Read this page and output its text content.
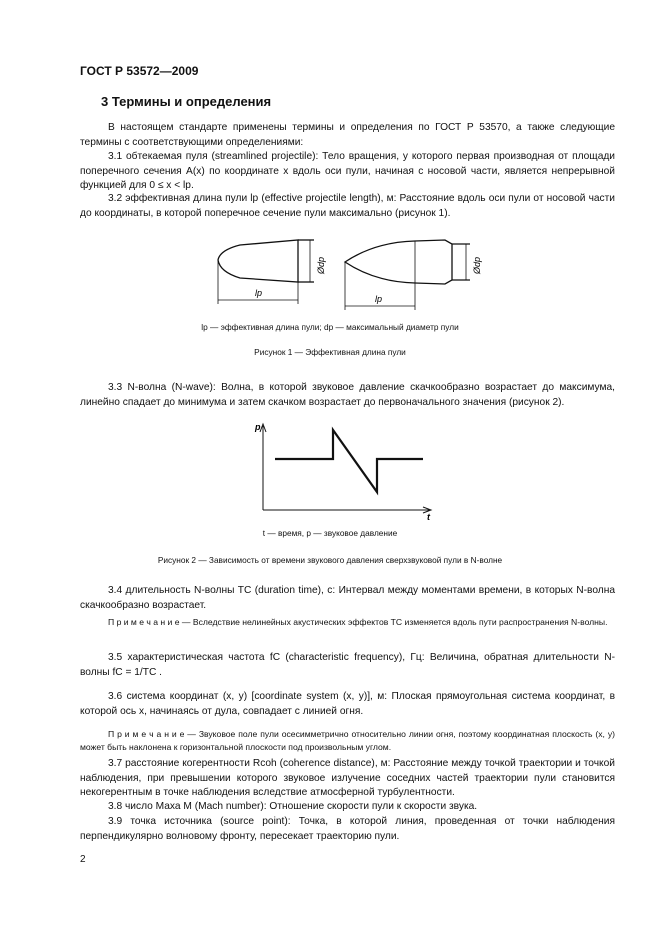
ГОСТ Р 53572—2009
3 Термины и определения
В настоящем стандарте применены термины и определения по ГОСТ Р 53570, а также следующие термины с соответствующими определениями:
3.1 обтекаемая пуля (streamlined projectile): Тело вращения, у которого первая производная от площади поперечного сечения A(x) по координате x вдоль оси пули, начиная с носовой части, является непрерывной функцией для 0 ≤ x < lp.
3.2 эффективная длина пули lp (effective projectile length), м: Расстояние вдоль оси пули от носовой части до координаты, в которой поперечное сечение пули максимально (рисунок 1).
lp
lp
Ødp	Ødp
lp — эффективная длина пули; dp — максимальный диаметр пули
Рисунок 1 — Эффективная длина пули
3.3 N-волна (N-wave): Волна, в которой звуковое давление скачкообразно возрастает до максимума, линейно спадает до минимума и затем скачком возрастает до первоначального значения (рисунок 2).
p
t
t — время, p — звуковое давление
Рисунок 2 — Зависимость от времени звукового давления сверхзвуковой пули в N-волне
3.4 длительность N-волны TC (duration time), с: Интервал между моментами времени, в которых N-волна скачкообразно возрастает.
П р и м е ч а н и е — Вследствие нелинейных акустических эффектов TC изменяется вдоль пути распространения N-волны.
3.5 характеристическая частота fC (characteristic frequency), Гц: Величина, обратная длительности N-волны fC = 1/TC .
3.6 система координат (x, y) [coordinate system (x, y)], м: Плоская прямоугольная система координат, в которой ось x, начинаясь от дула, совпадает с линией огня.
П р и м е ч а н и е — Звуковое поле пули осесимметрично относительно линии огня, поэтому координатная плоскость (x, y) может быть наклонена к горизонтальной плоскости под произвольным углом.
3.7 расстояние когерентности Rcoh (coherence distance), м: Расстояние между точкой траектории и точкой наблюдения, при превышении которого звуковое излучение соседних частей траектории пули становится некогерентным в точке наблюдения вследствие атмосферной турбулентности.
3.8 число Маха M (Mach number): Отношение скорости пули к скорости звука.
3.9 точка источника (source point): Точка, в которой линия, проведенная от точки наблюдения перпендикулярно волновому фронту, пересекает траекторию пули.
2
